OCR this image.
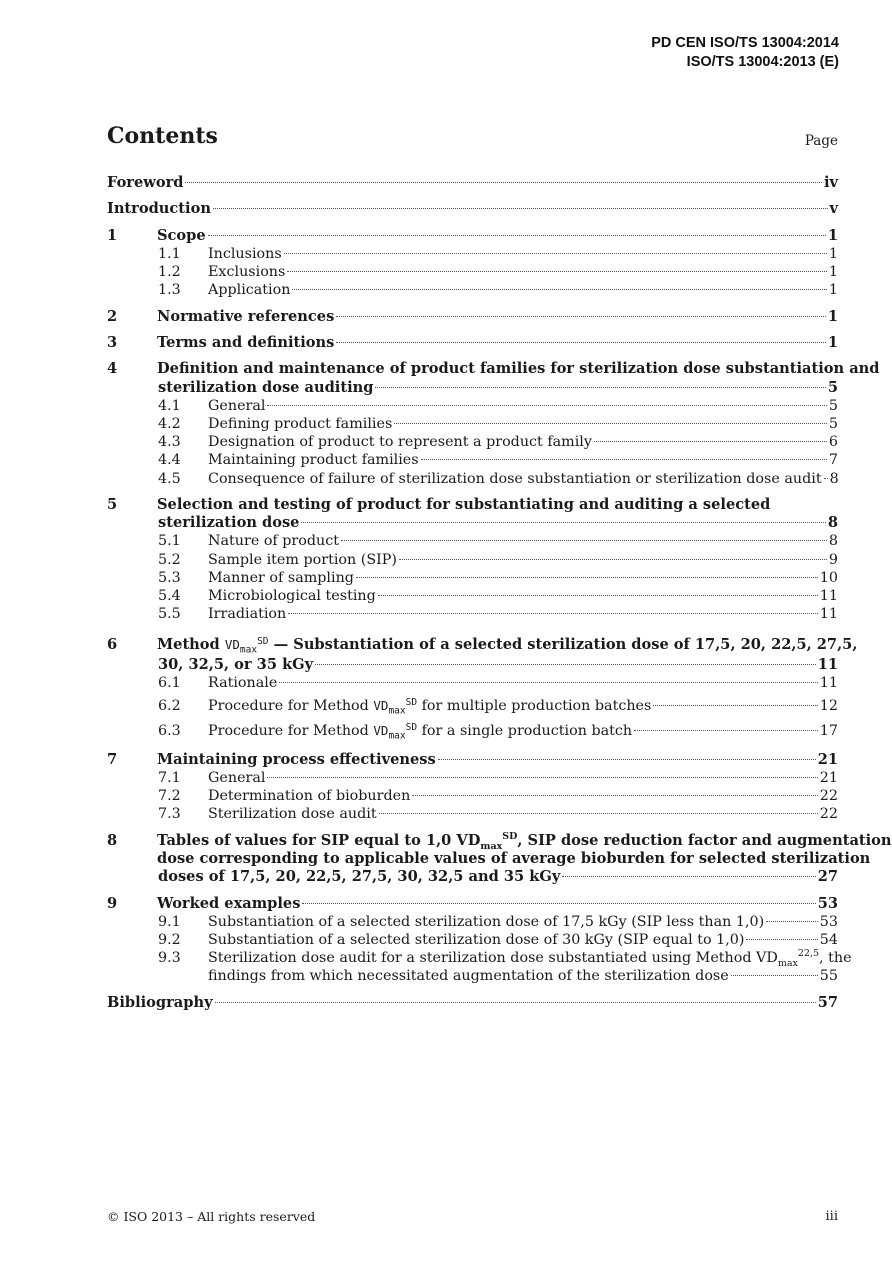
PD CEN ISO/TS 13004:2014
ISO/TS 13004:2013 (E)
Contents	Page
Foreword	iv
Introduction	v
1	Scope	1
1.1	Inclusions	1
1.2	Exclusions	1
1.3	Application	1
2	Normative references	1
3	Terms and definitions	1
4	Definition and maintenance of product families for sterilization dose substantiation and
sterilization dose auditing	5
4.1	General	5
4.2	Defining product families	5
4.3	Designation of product to represent a product family	6
4.4	Maintaining product families	7
4.5	Consequence of failure of sterilization dose substantiation or sterilization dose audit 8
5	Selection and testing of product for substantiating and auditing a selected
sterilization dose	8
5.1	Nature of product	8
5.2	Sample item portion (SIP)	9
5.3	Manner of sampling	10
5.4	Microbiological testing	11
5.5	Irradiation	11
6	Method $VD_{max}^{SD}$ — Substantiation of a selected sterilization dose of 17,5, 20, 22,5, 27,5,
30, 32,5, or 35 kGy	11
6.1	Rationale	11
6.2	Procedure for Method $VD_{max}^{SD}$ for multiple production batches	12
6.3	Procedure for Method $VD_{max}^{SD}$ for a single production batch	17
7	Maintaining process effectiveness	21
7.1	General	21
7.2	Determination of bioburden	22
7.3	Sterilization dose audit	22
8	Tables of values for SIP equal to 1,0 $VD_{max}^{SD}$, SIP dose reduction factor and augmentation
dose corresponding to applicable values of average bioburden for selected sterilization
doses of 17,5, 20, 22,5, 27,5, 30, 32,5 and 35 kGy	27
9	Worked examples	53
9.1	Substantiation of a selected sterilization dose of 17,5 kGy (SIP less than 1,0)	53
9.2	Substantiation of a selected sterilization dose of 30 kGy (SIP equal to 1,0)	54
9.3 Sterilization dose audit for a sterilization dose substantiated using Method $VD_{max}^{22,5}$, the
findings from which necessitated augmentation of the sterilization dose	55
Bibliography	57
© ISO 2013 – All rights reserved	iii
